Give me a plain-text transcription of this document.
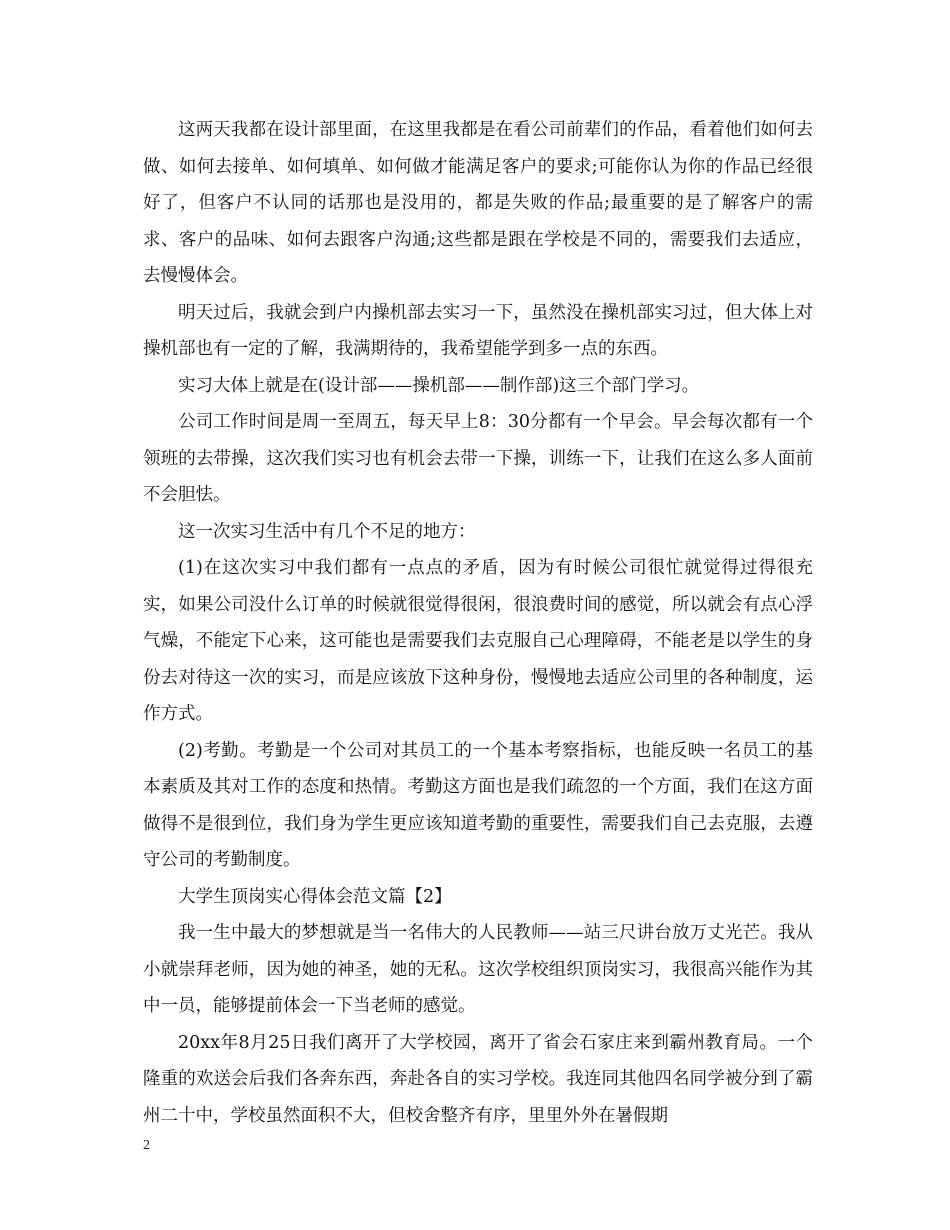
这两天我都在设计部里面，在这里我都是在看公司前辈们的作品，看着他们如何去做、如何去接单、如何填单、如何做才能满足客户的要求;可能你认为你的作品已经很好了，但客户不认同的话那也是没用的，都是失败的作品;最重要的是了解客户的需求、客户的品味、如何去跟客户沟通;这些都是跟在学校是不同的，需要我们去适应，去慢慢体会。

明天过后，我就会到户内操机部去实习一下，虽然没在操机部实习过，但大体上对操机部也有一定的了解，我满期待的，我希望能学到多一点的东西。

实习大体上就是在(设计部——操机部——制作部)这三个部门学习。

公司工作时间是周一至周五，每天早上8：30分都有一个早会。早会每次都有一个领班的去带操，这次我们实习也有机会去带一下操，训练一下，让我们在这么多人面前不会胆怯。

这一次实习生活中有几个不足的地方：

(1)在这次实习中我们都有一点点的矛盾，因为有时候公司很忙就觉得过得很充实，如果公司没什么订单的时候就很觉得很闲，很浪费时间的感觉，所以就会有点心浮气燥，不能定下心来，这可能也是需要我们去克服自己心理障碍，不能老是以学生的身份去对待这一次的实习，而是应该放下这种身份，慢慢地去适应公司里的各种制度，运作方式。

(2)考勤。考勤是一个公司对其员工的一个基本考察指标，也能反映一名员工的基本素质及其对工作的态度和热情。考勤这方面也是我们疏忽的一个方面，我们在这方面做得不是很到位，我们身为学生更应该知道考勤的重要性，需要我们自己去克服，去遵守公司的考勤制度。

大学生顶岗实心得体会范文篇【2】

我一生中最大的梦想就是当一名伟大的人民教师——站三尺讲台放万丈光芒。我从小就崇拜老师，因为她的神圣，她的无私。这次学校组织顶岗实习，我很高兴能作为其中一员，能够提前体会一下当老师的感觉。

20xx年8月25日我们离开了大学校园，离开了省会石家庄来到霸州教育局。一个隆重的欢送会后我们各奔东西，奔赴各自的实习学校。我连同其他四名同学被分到了霸州二十中，学校虽然面积不大，但校舍整齐有序，里里外外在暑假期

2
